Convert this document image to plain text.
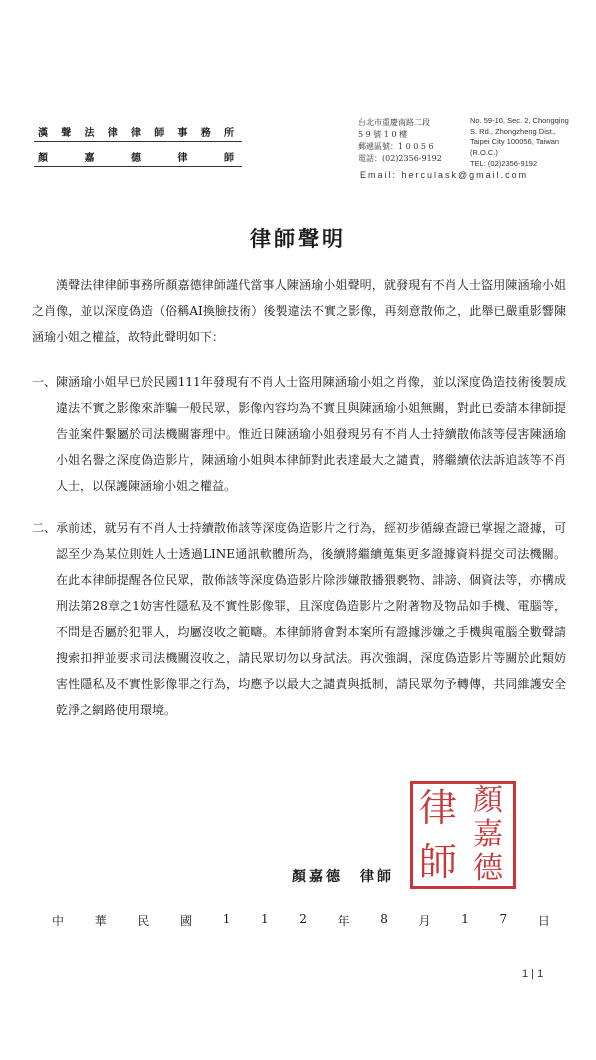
漢 聲 法 律 律 師 事 務 所
顏	嘉	德	律	師
台北市重慶南路二段
5 9 號 1 0 樓
郵遞區號：1 0 0 5 6
電話：(02)2356-9192
No. 59-10, Sec. 2, Chongqing
S. Rd., Zhongzheng Dist.,
Taipei City 100056, Taiwan
(R.O.C.)
TEL: (02)2356-9192
Email: herculask@gmail.com
律師聲明
漢聲法律律師事務所顏嘉德律師謹代當事人陳涵瑜小姐聲明，就發現有不肖人士盜用陳涵瑜小姐之肖像，並以深度偽造（俗稱AI換臉技術）後製違法不實之影像，再刻意散佈之，此舉已嚴重影響陳涵瑜小姐之權益，故特此聲明如下：
一、 陳涵瑜小姐早已於民國111年發現有不肖人士盜用陳涵瑜小姐之肖像，並以深度偽造技術後製成違法不實之影像來詐騙一般民眾，影像內容均為不實且與陳涵瑜小姐無關，對此已委請本律師提告並案件繫屬於司法機關審理中。惟近日陳涵瑜小姐發現另有不肖人士持續散佈該等侵害陳涵瑜小姐名譽之深度偽造影片，陳涵瑜小姐與本律師對此表達最大之譴責，將繼續依法訴追該等不肖人士，以保護陳涵瑜小姐之權益。
二、 承前述，就另有不肖人士持續散佈該等深度偽造影片之行為，經初步循線查證已掌握之證據，可認至少為某位則姓人士透過LINE通訊軟體所為，後續將繼續蒐集更多證據資料提交司法機關。在此本律師提醒各位民眾，散佈該等深度偽造影片除涉嫌散播猥褻物、誹謗、個資法等，亦構成刑法第28章之1妨害性隱私及不實性影像罪，且深度偽造影片之附著物及物品如手機、電腦等，不問是否屬於犯罪人，均屬沒收之範疇。本律師將會對本案所有證據涉嫌之手機與電腦全數聲請搜索扣押並要求司法機關沒收之，請民眾切勿以身試法。再次強調，深度偽造影片等關於此類妨害性隱私及不實性影像罪之行為，均應予以最大之譴責與抵制，請民眾勿予轉傳，共同維護安全乾淨之網路使用環境。
律
師
顏
嘉
德
顏嘉德　律師
中	華	民	國	1	1	2	年	8	月	1	7	日
1 | 1
